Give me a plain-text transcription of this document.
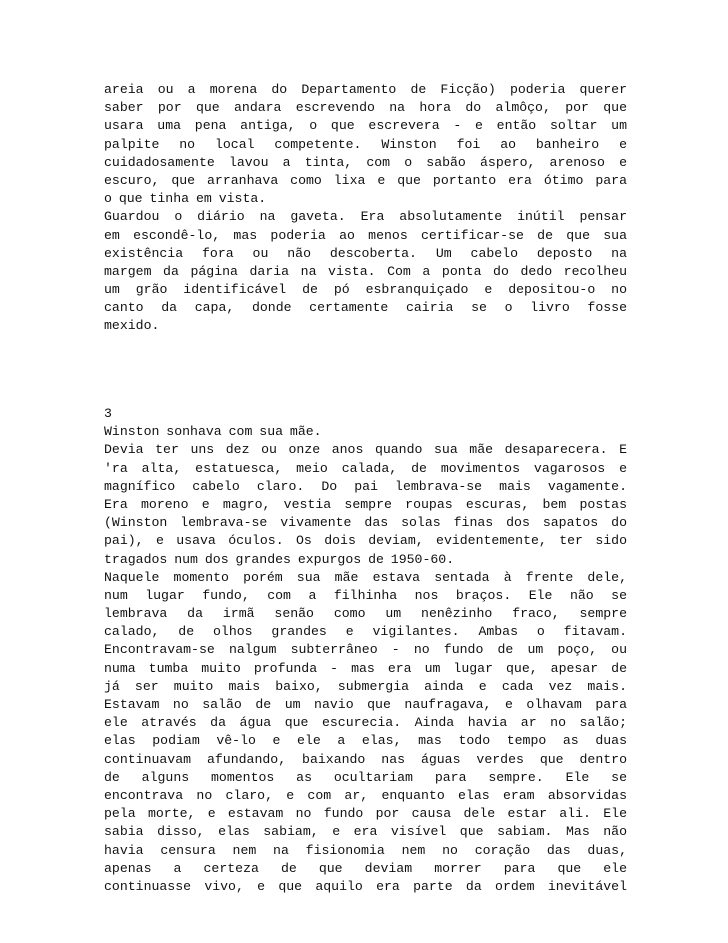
areia ou a morena do Departamento de Ficção) poderia querer
saber por que andara escrevendo na hora do almôço, por que
usara uma pena antiga, o que escrevera - e então soltar um
palpite no local competente. Winston foi ao banheiro e
cuidadosamente lavou a tinta, com o sabão áspero, arenoso e
escuro, que arranhava como lixa e que portanto era ótimo para
o que tinha em vista.
Guardou o diário na gaveta. Era absolutamente inútil pensar
em escondê-lo, mas poderia ao menos certificar-se de que sua
existência fora ou não descoberta. Um cabelo deposto na
margem da página daria na vista. Com a ponta do dedo recolheu
um grão identificável de pó esbranquiçado e depositou-o no
canto da capa, donde certamente cairia se o livro fosse
mexido.
3
Winston sonhava com sua mãe.
Devia ter uns dez ou onze anos quando sua mãe desaparecera. E
'ra alta, estatuesca, meio calada, de movimentos vagarosos e
magnífico cabelo claro. Do pai lembrava-se mais vagamente.
Era moreno e magro, vestia sempre roupas escuras, bem postas
(Winston lembrava-se vivamente das solas finas dos sapatos do
pai), e usava óculos. Os dois deviam, evidentemente, ter sido
tragados num dos grandes expurgos de 1950-60.
Naquele momento porém sua mãe estava sentada à frente dele,
num lugar fundo, com a filhinha nos braços. Ele não se
lembrava da irmã senão como um nenêzinho fraco, sempre
calado, de olhos grandes e vigilantes. Ambas o fitavam.
Encontravam-se nalgum subterrâneo - no fundo de um poço, ou
numa tumba muito profunda - mas era um lugar que, apesar de
já ser muito mais baixo, submergia ainda e cada vez mais.
Estavam no salão de um navio que naufragava, e olhavam para
ele através da água que escurecia. Ainda havia ar no salão;
elas podiam vê-lo e ele a elas, mas todo tempo as duas
continuavam afundando, baixando nas águas verdes que dentro
de alguns momentos as ocultariam para sempre. Ele se
encontrava no claro, e com ar, enquanto elas eram absorvidas
pela morte, e estavam no fundo por causa dele estar ali. Ele
sabia disso, elas sabiam, e era visível que sabiam. Mas não
havia censura nem na fisionomia nem no coração das duas,
apenas a certeza de que deviam morrer para que ele
continuasse vivo, e que aquilo era parte da ordem inevitável
